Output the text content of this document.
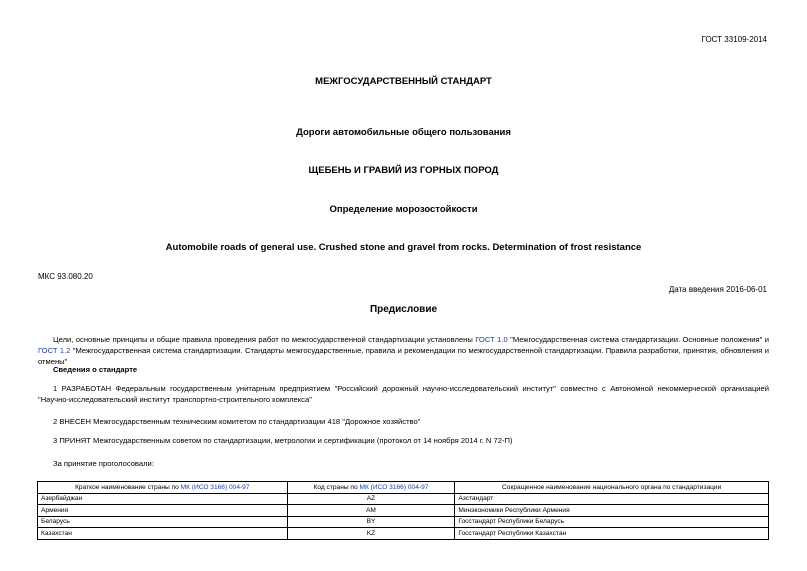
ГОСТ 33109-2014
МЕЖГОСУДАРСТВЕННЫЙ СТАНДАРТ
Дороги автомобильные общего пользования
ЩЕБЕНЬ И ГРАВИЙ ИЗ ГОРНЫХ ПОРОД
Определение морозостойкости
Automobile roads of general use. Crushed stone and gravel from rocks. Determination of frost resistance
МКС 93.080.20
Дата введения 2016-06-01
Предисловие
Цели, основные принципы и общие правила проведения работ по межгосударственной стандартизации установлены ГОСТ 1.0 "Межгосударственная система стандартизации. Основные положения" и ГОСТ 1.2 "Межгосударственная система стандартизации. Стандарты межгосударственные, правила и рекомендации по межгосударственной стандартизации. Правила разработки, принятия, обновления и отмены"
Сведения о стандарте
1 РАЗРАБОТАН Федеральным государственным унитарным предприятием "Российский дорожный научно-исследовательский институт" совместно с Автономной некоммерческой организацией "Научно-исследовательский институт транспортно-строительного комплекса"
2 ВНЕСЕН Межгосударственным техническим комитетом по стандартизации 418 "Дорожное хозяйство"
3 ПРИНЯТ Межгосударственным советом по стандартизации, метрологии и сертификации (протокол от 14 ноября 2014 г. N 72-П)
За принятие проголосовали:
Краткое наименование страны по МК (ИСО 3166) 004-97	Код страны по МК (ИСО 3166) 004-97	Сокращенное наименование национального органа по стандартизации
Азербайджан	AZ	Азстандарт
Армения	AM	Минэкономики Республики Армения
Беларусь	BY	Госстандарт Республики Беларусь
Казахстан	KZ	Госстандарт Республики Казахстан
